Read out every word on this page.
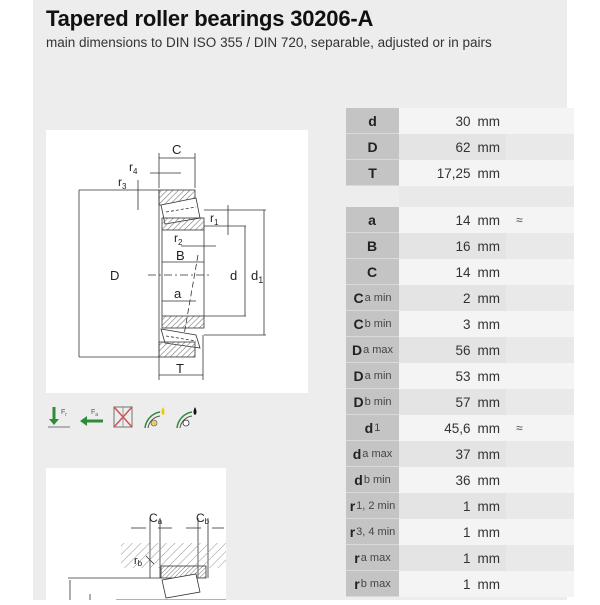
Tapered roller bearings 30206-A
main dimensions to DIN ISO 355 / DIN 720, separable, adjusted or in pairs
C
$r_4$
$r_3$
$r_1$
$r_2$
B
D	d $d_1$
a
T
$F_r$	$F_a$
Ca	Cb
rb
d	30 mm
D	62 mm
T	17,25 mm
a	14 mm	≈
B	16 mm
C	14 mm
C a min	2 mm
C b min	3 mm
D a max	56 mm
D a min	53 mm
D b min	57 mm
d 1	45,6 mm	≈
d a max	37 mm
d b min	36 mm
r 1, 2 min	1 mm
r 3, 4 min	1 mm
r a max	1 mm
r b max	1 mm
